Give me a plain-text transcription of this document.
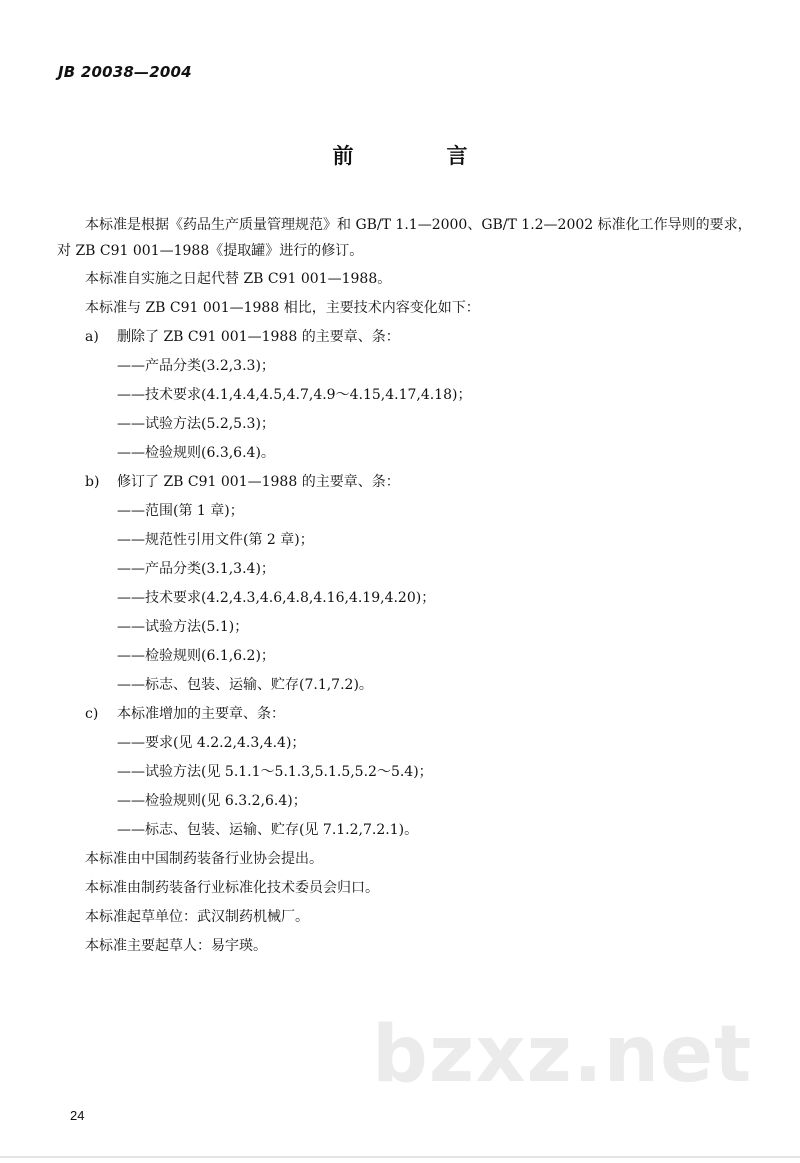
JB 20038—2004
前　言

本标准是根据《药品生产质量管理规范》和 GB/T 1.1—2000、GB/T 1.2—2002 标准化工作导则的要求，对 ZB C91 001—1988《提取罐》进行的修订。

本标准自实施之日起代替 ZB C91 001—1988。

本标准与 ZB C91 001—1988 相比，主要技术内容变化如下：

a) 删除了 ZB C91 001—1988 的主要章、条：

——产品分类(3.2,3.3)；

——技术要求(4.1,4.4,4.5,4.7,4.9～4.15,4.17,4.18)；

——试验方法(5.2,5.3)；

——检验规则(6.3,6.4)。

b) 修订了 ZB C91 001—1988 的主要章、条：

——范围(第 1 章)；

——规范性引用文件(第 2 章)；

——产品分类(3.1,3.4)；

——技术要求(4.2,4.3,4.6,4.8,4.16,4.19,4.20)；

——试验方法(5.1)；

——检验规则(6.1,6.2)；

——标志、包装、运输、贮存(7.1,7.2)。

c) 本标准增加的主要章、条：

——要求(见 4.2.2,4.3,4.4)；

——试验方法(见 5.1.1～5.1.3,5.1.5,5.2～5.4)；

——检验规则(见 6.3.2,6.4)；

——标志、包装、运输、贮存(见 7.1.2,7.2.1)。

本标准由中国制药装备行业协会提出。

本标准由制药装备行业标准化技术委员会归口。

本标准起草单位：武汉制药机械厂。

本标准主要起草人：易宇瑛。

bzxz.net
24
